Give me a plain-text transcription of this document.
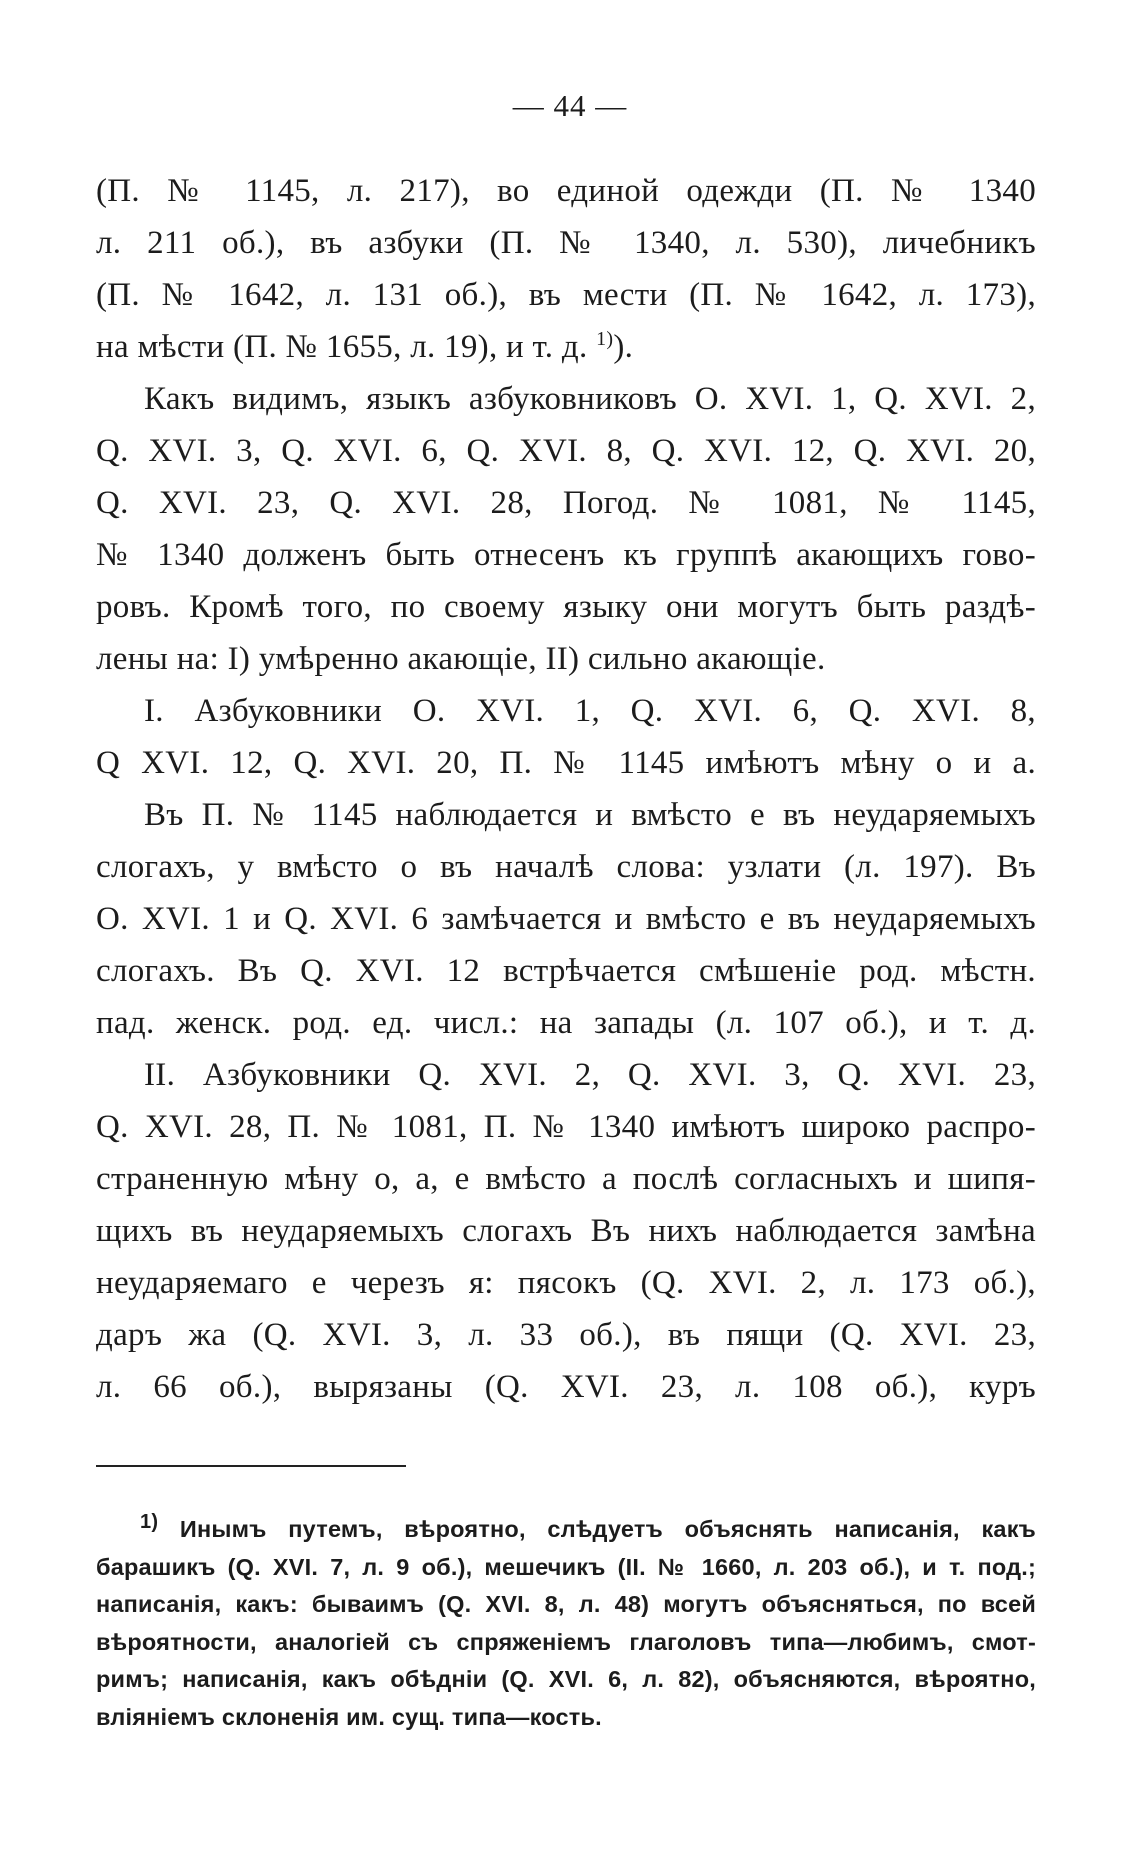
— 44 —
(П. № 1145, л. 217), во единой одежди (П. № 1340
л. 211 об.), въ азбуки (П. № 1340, л. 530), личебникъ
(П. № 1642, л. 131 об.), въ мести (П. № 1642, л. 173),
на мѣсти (П. № 1655, л. 19), и т. д. $^{1)}$).
Какъ видимъ, языкъ азбуковниковъ О. XVI. 1, Q. XVI. 2,
Q. XVI. 3, Q. XVI. 6, Q. XVI. 8, Q. XVI. 12, Q. XVI. 20,
Q. XVI. 23, Q. XVI. 28, Погод. № 1081, № 1145,
№ 1340 долженъ быть отнесенъ къ группѣ акающихъ гово-
ровъ. Кромѣ того, по своему языку они могутъ быть раздѣ-
лены на: I) умѣренно акающіе, II) сильно акающіе.
I. Азбуковники О. XVI. 1, Q. XVI. 6, Q. XVI. 8,
Q XVI. 12, Q. XVI. 20, П. № 1145 имѣютъ мѣну о и а.
Въ П. № 1145 наблюдается и вмѣсто е въ неударяемыхъ
слогахъ, у вмѣсто о въ началѣ слова: узлати (л. 197). Въ
О. XVI. 1 и Q. XVI. 6 замѣчается и вмѣсто е въ неударяемыхъ
слогахъ. Въ Q. XVI. 12 встрѣчается смѣшеніе род. мѣстн.
пад. женск. род. ед. числ.: на запады (л. 107 об.), и т. д.
II. Азбуковники Q. XVI. 2, Q. XVI. 3, Q. XVI. 23,
Q. XVI. 28, П. № 1081, П. № 1340 имѣютъ широко распро-
страненную мѣну о, а, е вмѣсто а послѣ согласныхъ и шипя-
щихъ въ неударяемыхъ слогахъ Въ нихъ наблюдается замѣна
неударяемаго е черезъ я: пясокъ (Q. XVI. 2, л. 173 об.),
даръ жа (Q. XVI. 3, л. 33 об.), въ пящи (Q. XVI. 23,
л. 66 об.), вырязаны (Q. XVI. 23, л. 108 об.), куръ
1) Инымъ путемъ, вѣроятно, слѣдуетъ объяснять написанія, какъ
барашикъ (Q. XVI. 7, л. 9 об.), мешечикъ (II. № 1660, л. 203 об.), и т. под.;
написанія, какъ: бываимъ (Q. XVI. 8, л. 48) могутъ объясняться, по всей
вѣроятности, аналогіей съ спряженіемъ глаголовъ типа—любимъ, смот-
римъ; написанія, какъ обѣдніи (Q. XVI. 6, л. 82), объясняются, вѣроятно,
вліяніемъ склоненія им. сущ. типа—кость.
